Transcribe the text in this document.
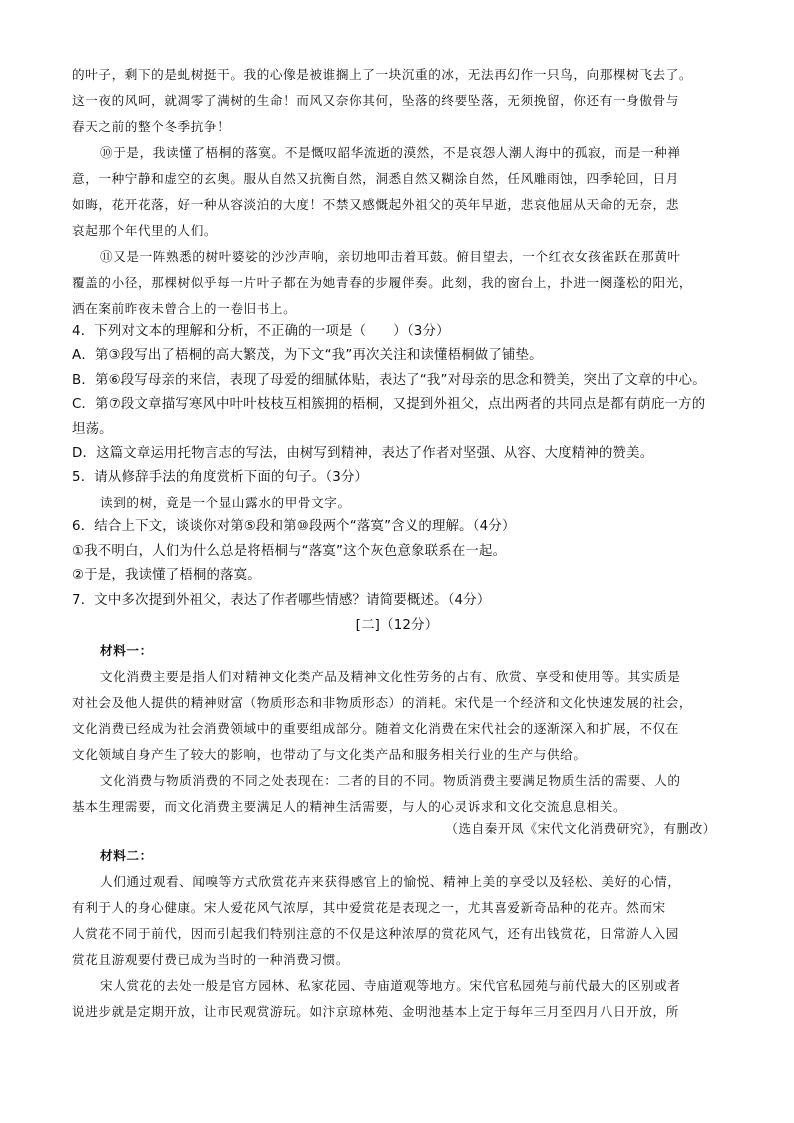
的叶子，剩下的是虬树挺干。我的心像是被谁搁上了一块沉重的冰，无法再幻作一只鸟，向那棵树飞去了。
这一夜的风呵，就凋零了满树的生命！而风又奈你其何，坠落的终要坠落，无须挽留，你还有一身傲骨与
春天之前的整个冬季抗争！
⑩于是，我读懂了梧桐的落寞。不是慨叹韶华流逝的漠然，不是哀怨人潮人海中的孤寂，而是一种禅
意，一种宁静和虚空的玄奥。服从自然又抗衡自然，洞悉自然又糊涂自然，任风雕雨蚀，四季轮回，日月
如晦，花开花落，好一种从容淡泊的大度！不禁又感慨起外祖父的英年早逝，悲哀他屈从天命的无奈，悲
哀起那个年代里的人们。
⑪又是一阵熟悉的树叶婆娑的沙沙声响，亲切地叩击着耳鼓。俯目望去，一个红衣女孩雀跃在那黄叶
覆盖的小径，那棵树似乎每一片叶子都在为她青春的步履伴奏。此刻，我的窗台上，扑进一阕蓬松的阳光，
洒在案前昨夜未曾合上的一卷旧书上。
4．下列对文本的理解和分析，不正确的一项是（　　）（3分）
A．第③段写出了梧桐的高大繁茂，为下文“我”再次关注和读懂梧桐做了铺垫。
B．第⑥段写母亲的来信，表现了母爱的细腻体贴，表达了“我”对母亲的思念和赞美，突出了文章的中心。
C．第⑦段文章描写寒风中叶叶枝枝互相簇拥的梧桐，又提到外祖父，点出两者的共同点是都有荫庇一方的
坦荡。
D．这篇文章运用托物言志的写法，由树写到精神，表达了作者对坚强、从容、大度精神的赞美。
5．请从修辞手法的角度赏析下面的句子。（3分）
读到的树，竟是一个显山露水的甲骨文字。
6．结合上下文，谈谈你对第⑤段和第⑩段两个“落寞”含义的理解。（4分）
①我不明白，人们为什么总是将梧桐与“落寞”这个灰色意象联系在一起。
②于是，我读懂了梧桐的落寞。
7．文中多次提到外祖父，表达了作者哪些情感？请简要概述。（4分）
[二]（12分）
材料一：
文化消费主要是指人们对精神文化类产品及精神文化性劳务的占有、欣赏、享受和使用等。其实质是
对社会及他人提供的精神财富（物质形态和非物质形态）的消耗。宋代是一个经济和文化快速发展的社会，
文化消费已经成为社会消费领域中的重要组成部分。随着文化消费在宋代社会的逐渐深入和扩展，不仅在
文化领域自身产生了较大的影响，也带动了与文化类产品和服务相关行业的生产与供给。
文化消费与物质消费的不同之处表现在：二者的目的不同。物质消费主要满足物质生活的需要、人的
基本生理需要，而文化消费主要满足人的精神生活需要，与人的心灵诉求和文化交流息息相关。
（选自秦开凤《宋代文化消费研究》，有删改）
材料二：
人们通过观看、闻嗅等方式欣赏花卉来获得感官上的愉悦、精神上美的享受以及轻松、美好的心情，
有利于人的身心健康。宋人爱花风气浓厚，其中爱赏花是表现之一，尤其喜爱新奇品种的花卉。然而宋
人赏花不同于前代，因而引起我们特别注意的不仅是这种浓厚的赏花风气，还有出钱赏花，日常游人入园
赏花且游观要付费已成为当时的一种消费习惯。
宋人赏花的去处一般是官方园林、私家花园、寺庙道观等地方。宋代官私园苑与前代最大的区别或者
说进步就是定期开放，让市民观赏游玩。如汴京琼林苑、金明池基本上定于每年三月至四月八日开放，所
